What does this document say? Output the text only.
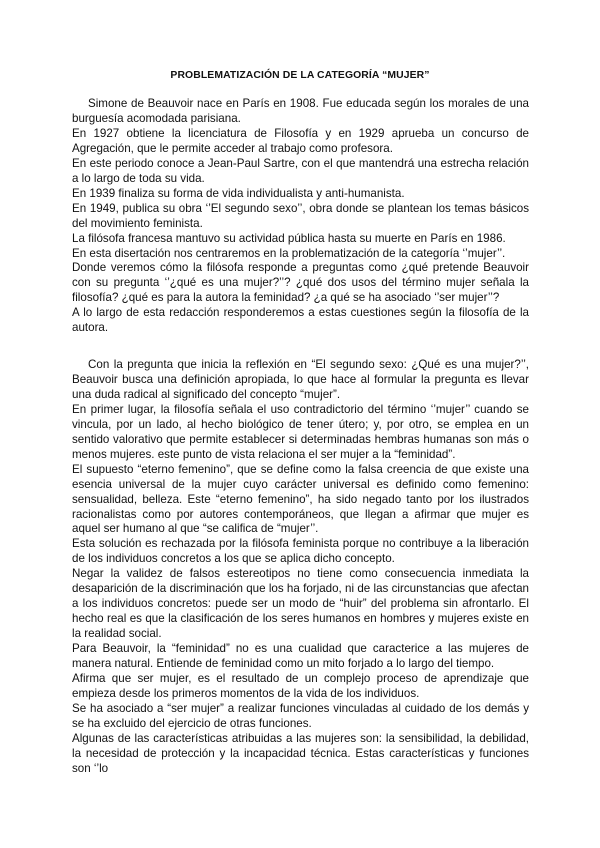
PROBLEMATIZACIÓN DE LA CATEGORÍA “MUJER”

Simone de Beauvoir nace en París en 1908. Fue educada según los morales de una burguesía acomodada parisiana.

En 1927 obtiene la licenciatura de Filosofía y en 1929 aprueba un concurso de Agregación, que le permite acceder al trabajo como profesora.

En este periodo conoce a Jean-Paul Sartre, con el que mantendrá una estrecha relación a lo largo de toda su vida.

En 1939 finaliza su forma de vida individualista y anti-humanista.

En 1949, publica su obra ‘’El segundo sexo’’, obra donde se plantean los temas básicos del movimiento feminista.

La filósofa francesa mantuvo su actividad pública hasta su muerte en París en 1986.

En esta disertación nos centraremos en la problematización de la categoría ‘’mujer’’.

Donde veremos cómo la filósofa responde a preguntas como ¿qué pretende Beauvoir con su pregunta ‘’¿qué es una mujer?’’? ¿qué dos usos del término mujer señala la filosofía? ¿qué es para la autora la feminidad? ¿a qué se ha asociado ‘’ser mujer’’?

A lo largo de esta redacción responderemos a estas cuestiones según la filosofía de la autora.

Con la pregunta que inicia la reflexión en “El segundo sexo: ¿Qué es una mujer?’’, Beauvoir busca una definición apropiada, lo que hace al formular la pregunta es llevar una duda radical al significado del concepto “mujer”.

En primer lugar, la filosofía señala el uso contradictorio del término ‘’mujer’’ cuando se vincula, por un lado, al hecho biológico de tener útero; y, por otro, se emplea en un sentido valorativo que permite establecer si determinadas hembras humanas son más o menos mujeres. este punto de vista relaciona el ser mujer a la “feminidad”.

El supuesto “eterno femenino”, que se define como la falsa creencia de que existe una esencia universal de la mujer cuyo carácter universal es definido como femenino: sensualidad, belleza. Este “eterno femenino”, ha sido negado tanto por los ilustrados racionalistas como por autores contemporáneos, que llegan a afirmar que mujer es aquel ser humano al que “se califica de “mujer’’.

Esta solución es rechazada por la filósofa feminista porque no contribuye a la liberación de los individuos concretos a los que se aplica dicho concepto.

Negar la validez de falsos estereotipos no tiene como consecuencia inmediata la desaparición de la discriminación que los ha forjado, ni de las circunstancias que afectan a los individuos concretos: puede ser un modo de “huir” del problema sin afrontarlo. El hecho real es que la clasificación de los seres humanos en hombres y mujeres existe en la realidad social.

Para Beauvoir, la “feminidad” no es una cualidad que caracterice a las mujeres de manera natural. Entiende de feminidad como un mito forjado a lo largo del tiempo.

Afirma que ser mujer, es el resultado de un complejo proceso de aprendizaje que empieza desde los primeros momentos de la vida de los individuos.

Se ha asociado a “ser mujer” a realizar funciones vinculadas al cuidado de los demás y se ha excluido del ejercicio de otras funciones.

Algunas de las características atribuidas a las mujeres son: la sensibilidad, la debilidad, la necesidad de protección y la incapacidad técnica. Estas características y funciones son ‘’lo
